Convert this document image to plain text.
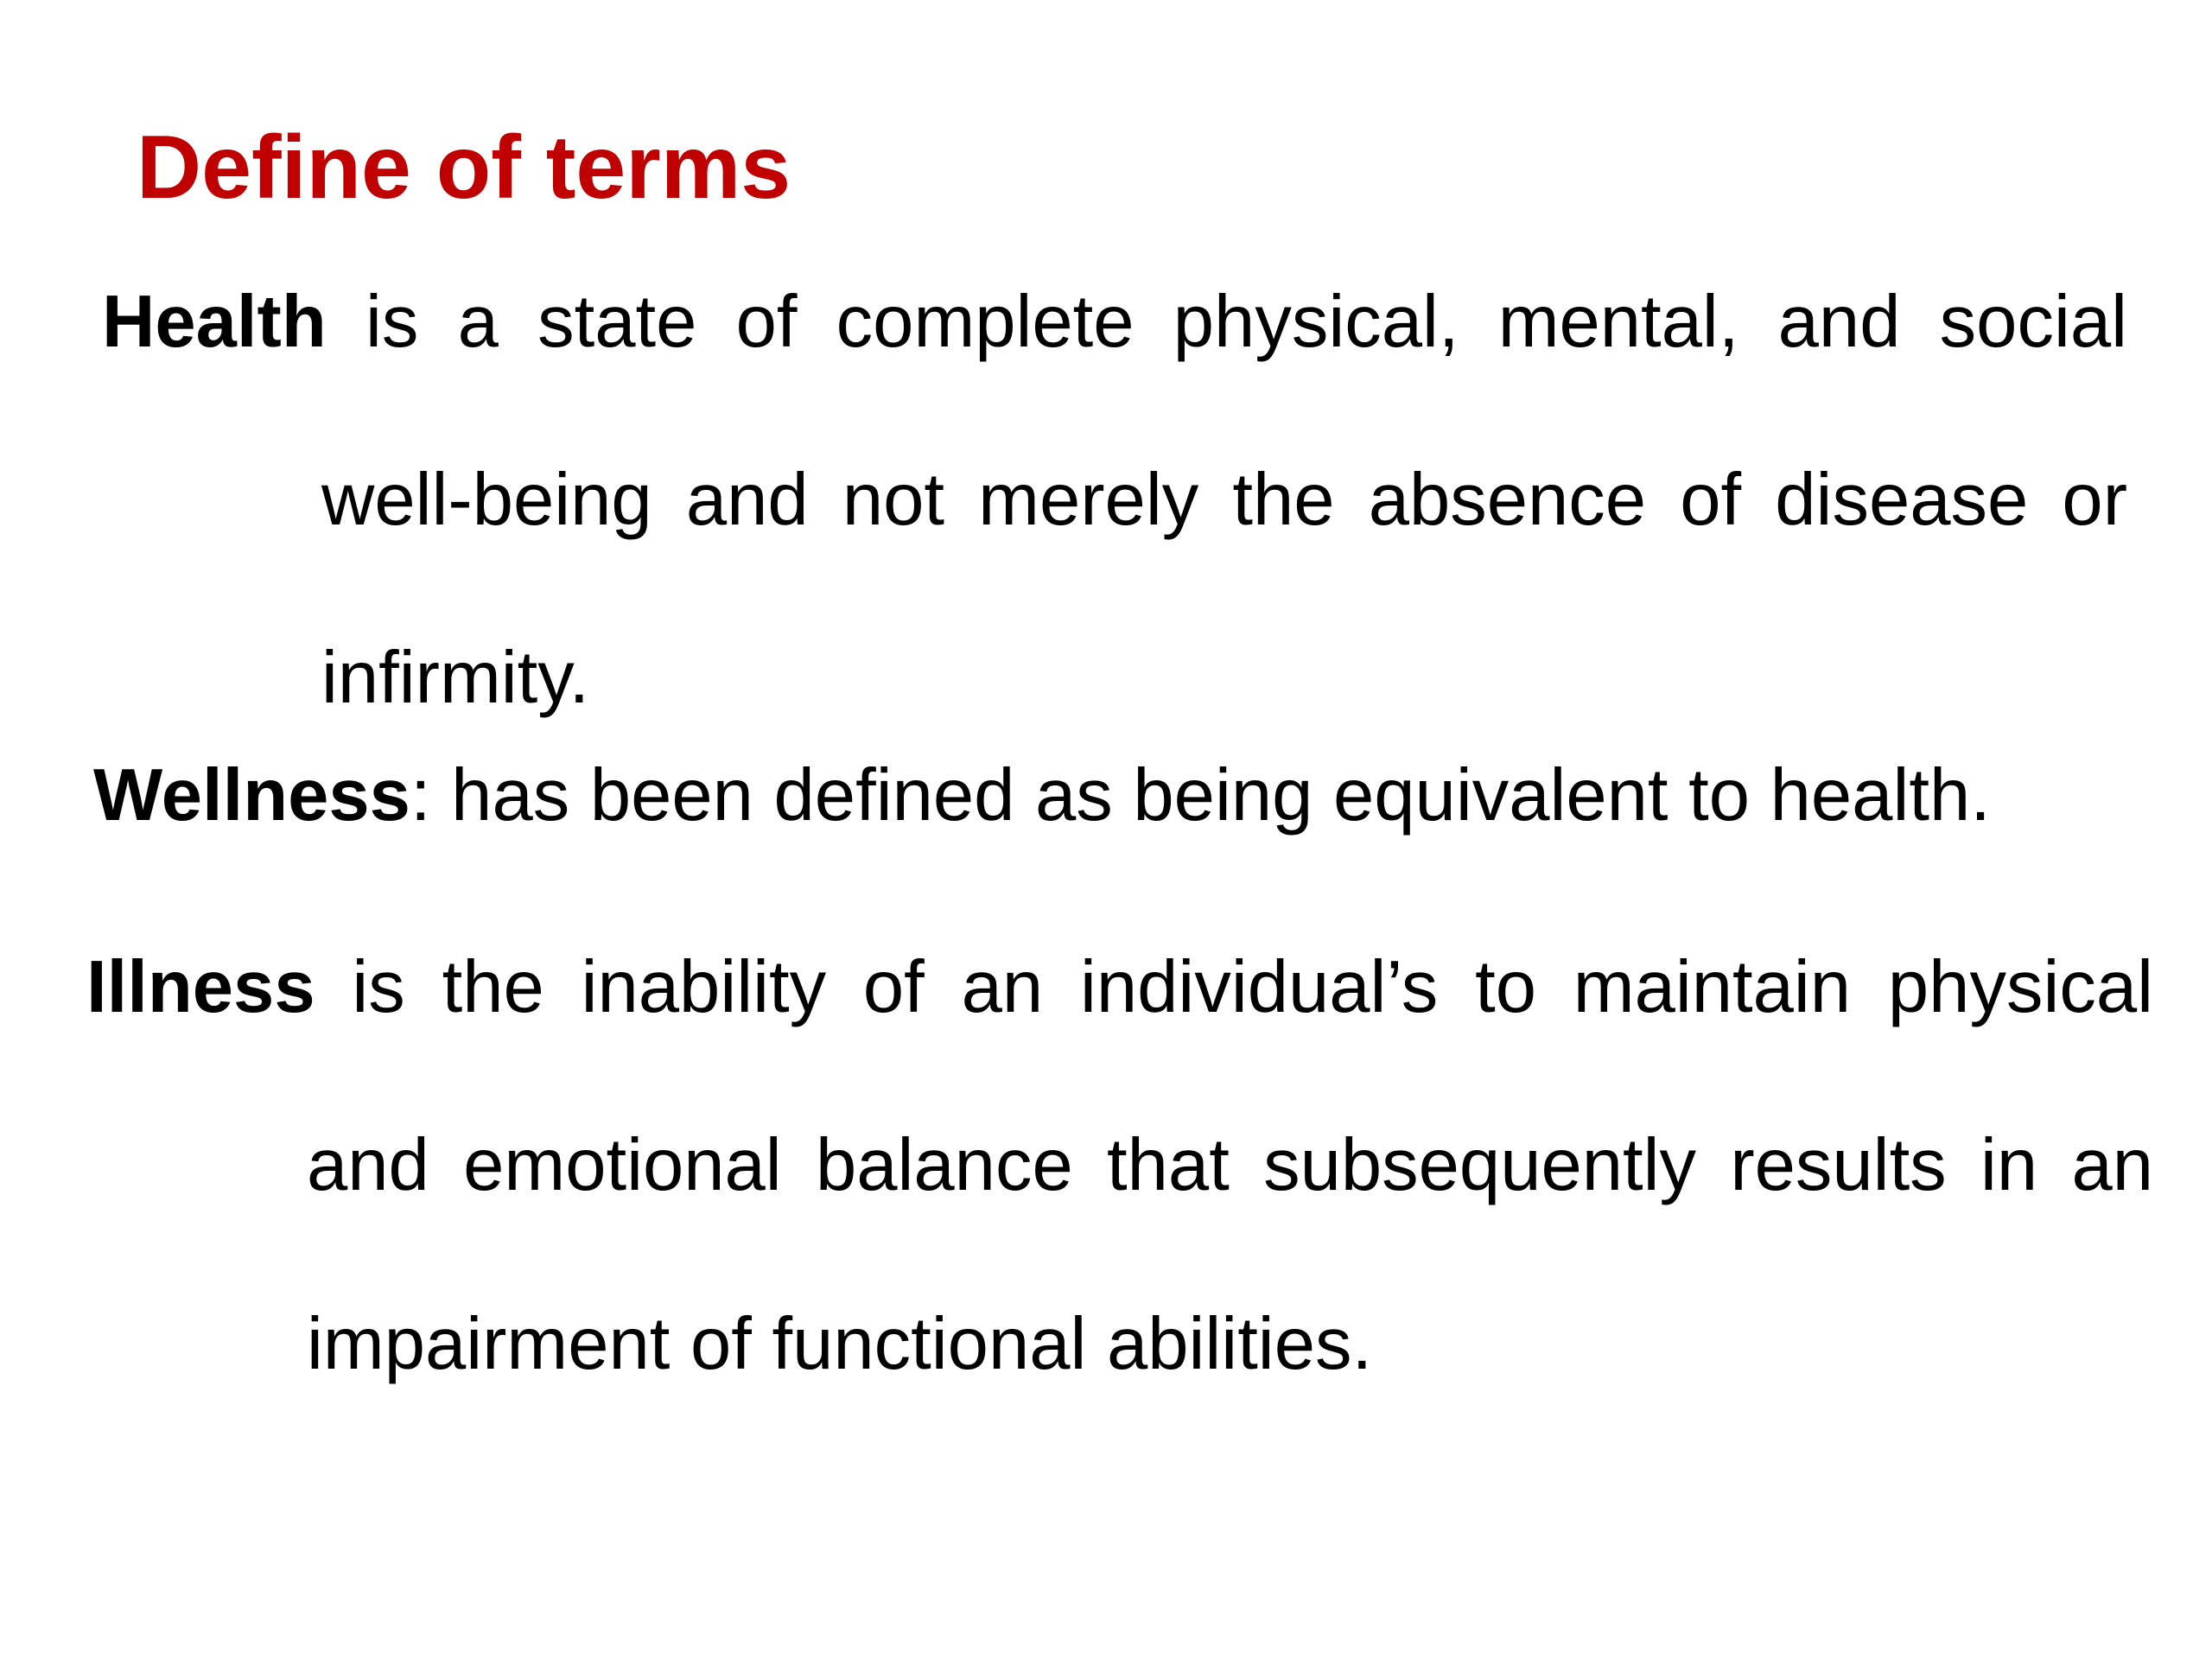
Define of terms
Health is a state of complete physical, mental, and social
well-being and not merely the absence of disease or
infirmity.
Wellness: has been defined as being equivalent to health.
Illness is the inability of an individual’s to maintain physical
and emotional balance that subsequently results in an
impairment of functional abilities.
